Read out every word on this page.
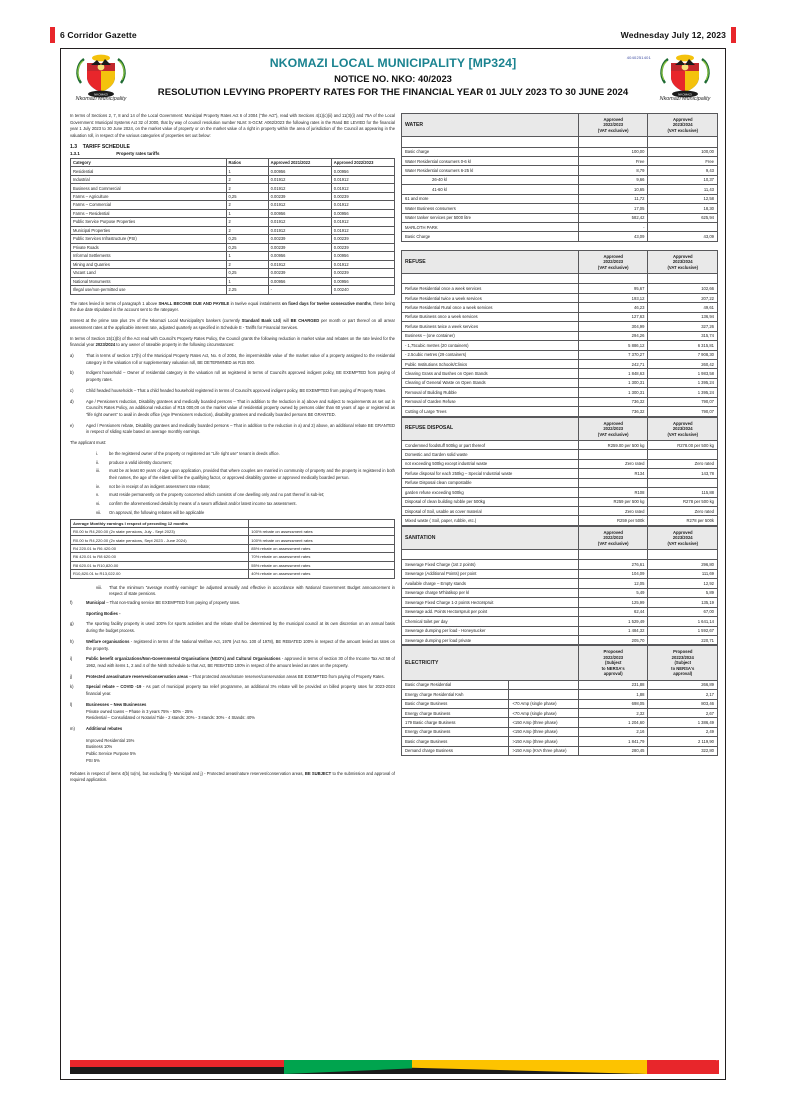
6 Corridor Gazette	Wednesday July 12, 2023
NKOMAZI
Nkomazi Municipality
4040251401
NKOMAZI LOCAL MUNICIPALITY [MP324]
NOTICE NO. NKO: 40/2023
RESOLUTION LEVYING PROPERTY RATES FOR THE FINANCIAL YEAR 01 JULY 2023 TO 30 JUNE 2024	NKOMAZI
Nkomazi Municipality

In terms of Sections 2, 7, 8 and 14 of the Local Government: Municipal Property Rates Act 6 of 2004 ("the Act"), read with Sections 4(1)(c)(ii) and 11(3)(i) and 75A of the Local Government: Municipal Systems Act 32 of 2000, that by way of council resolution number NLM: S-GCM: A062/2023 the following rates in the Rand BE LEVIED for the financial year 1 July 2023 to 30 June 2024, on the market value of property or on the market value of a right in property within the area of jurisdiction of the Council as appearing in the valuation roll, in respect of the various categories of properties set out below:

1.3 TARIFF SCHEDULE
1.3.1	Property rates tariffs
Category	Ratios	Approved 2021/2022	Approved 2022/2023
Residential	1	0.00956	0.00956
Industrial	2	0.01912	0.01912
Business and Commercial	2	0.01912	0.01912
Farms – Agriculture	0,25	0.00239	0.00239
Farms – Commercial	2	0.01912	0.01912
Farms – Residential	1	0.00956	0.00956
Public Service Purpose Properties	2	0.01912	0.01912
Municipal Properties	2	0.01912	0.01912
Public Services Infrastructure (PSI)	0,25	0.00239	0.00239
Private Roads	0,25	0.00239	0.00239
Informal Settlements	1	0.00956	0.00956
Mining and Quarries	2	0.01912	0.01912
Vacant Land	0,25	0.00239	0.00239
National Monuments	1	0.00956	0.00956
Illegal use/non-permitted use	2.25	-	0.00240

The rates levied in terms of paragraph 1 above SHALL BECOME DUE AND PAYBLE in twelve equal instalments on fixed days for twelve consecutive months, these being the due date stipulated in the account sent to the ratepayer.

Interest at the prime rate plus 1% of the Nkomazi Local Municipality's bankers (currently Standard Bank Ltd) will BE CHARGED per month or part thereof on all arrear assessment rates at the applicable interest rate, adjusted quarterly as specified in Schedule E - Tariffs for Financial Services.

In terms of Section 15(1)(b) of the Act read with Council's Property Rates Policy, the Council grants the following reduction in market value and rebates on the rate levied for the financial year 2023/2024 to any owner of rateable property in the following circumstances:

a)	That in terms of section 17(h) of the Municipal Property Rates Act, No. 6 of 2004, the impermissible value of the market value of a property assigned to the residential category in the valuation roll or supplementary valuation roll, BE DETERMINED as R15 000.
b)	Indigent household – Owner of residential category in the valuation roll as registered in terms of Council's approved indigent policy, BE EXEMPTED from paying of property rates.
c)	Child headed households – That a child headed household registered in terms of Council's approved indigent policy, BE EXEMPTED from paying of Property Rates.
d)	Age / Pensioners reduction, Disability grantees and medically boarded persons – That in addition to the reduction in a) above and subject to requirements as set out in Council's Rates Policy, an additional reduction of R15 000,00 on the market value of residential property owned by persons older than 60 years of age or registered as "life right owners" to avail in deeds office (Age /Pensioners reduction), disability grantees and medically boarded persons BE GRANTED.
e)	Aged / Pensioners rebate, Disability grantees and medically boarded persons – That in addition to the reduction in a) and 2) above, an additional rebate BE GRANTED in respect of sliding scale based on average monthly earnings.

The applicant must:

i.	be the registered owner of the property or registered as "Life right use" tenant in deeds office.
ii.	produce a valid identity document;
iii.	must be at least 60 years of age upon application, provided that where couples are married in community of property and the property is registered in both their names, the age of the eldest will be the qualifying factor, or approved disability grantee or approved medically boarded person.
iv.	not be in receipt of an indigent assessment rate rebate;
v.	must reside permanently on the property concerned which consists of one dwelling only and no part thereof is sub-let;
vi.	confirm the aforementioned details by means of a sworn affidavit and/or latest income tax assessment.
vii.	On approval, the following rebates will be applicable
Average Monthly earnings I respect of preceding 12 months	
R0.00 to R4,200.00 (2x state pensions, July - Sept 2023)	100% rebate on assessment rates
R0.00 to R4,220.00 (2x state pensions, Sept 2023 - June 2024)	100% rebate on assessment rates
R4 220.01 to R6 420.00	85% rebate on assessment rates
R6 420.01 to R8 620.00	70% rebate on assessment rates
R8 620.01 to R10,820.00	55% rebate on assessment rates
R10,820.01 to R13,022.00	40% rebate on assessment rates
viii.	That the minimum "average monthly earnings" be adjusted annually and effective in accordance with National Government Budget announcement in respect of state pensions.
f)	Municipal – That non-trading service BE EXEMPTED from paying of property rates.
Sporting Bodies -
g)	The sporting facility property is used 100% for sports activities and the rebate shall be determined by the municipal council at its own discretion on an annual basis during the budget process.
h)	Welfare organisations - registered in terms of the National Welfare Act, 1978 (Act No. 100 of 1978), BE REBATED 100% in respect of the amount levied as rates on the property.
i)	Public benefit organizations/Non-Governmental Organisations (NGO's) and Cultural Organisations - approved in terms of section 30 of the Income Tax Act 58 of 1962, read with items 1, 2 and 4 of the Ninth Schedule to that Act, BE REBATED 100% in respect of the amount levied as rates on the property.
j)	Protected areas/nature reserves/conservation areas – That protected areas/nature reserves/conservation areas BE EXEMPTED from paying of Property Rates.
k)	Special rebate – COVID -19 - As part of municipal property tax relief programme, an additional 3% rebate will be provided on billed property rates for 2023-2024 financial year.
l)	Businesses – New Businesses
Private owned towns – Phase in 3 years 75% - 50% - 25%
Residential – Consolidated or Notarial Tide - 2 stands: 20% - 3 stands: 30% - 4 Stands: 40%
m)	Additional rebates
Improved Residential 15%
Business 10%
Public Service Purpose 5%
PSI 5%

Rebates in respect of items 4(b) to(m), but excluding f)- Municipal and j) - Protected areas/nature reserves/conservation areas, BE SUBJECT to the submission and approval of required application.

WATER	Approved
2022/2023
(VAT exclusive)	Approved
2023/2024
(VAT exclusive)

Basic charge	100,00	100,00
Water Residential consumers 0-6 kl	Free	Free
Water Residential consumers 6-25 kl	8,79	9,43
26-40 kl	9,66	10,37
41-60 kl	10,65	11,43
61 and more	11,72	12,58
Water Business consumers	17,05	18,30
Water tanker services per 5000 litre	582,42	625,94
MARLOTH PARK	-	
Basic Charge	43,09	43,09
REFUSE	Approved
2022/2023
(VAT exclusive)	Approved
2023/2024
(VAT exclusive)

Refuse Residential once a week services	95,67	102,66
Refuse Residential twice a week services	193,12	207,22
Refuse Residential Rural once a week services	46,23	49,61
Refuse Business once a week services	127,63	136,94
Refuse Business twice a week services	304,99	327,26
Business – (one container)	294,26	315,74
- 1,75cubic metres (20 containers)	5 886,12	6 315,81
- 2.5cubic metres (29 containers)	7 370,27	7 908,30
Public Institutions Schools/Clinics	242,71	260,42
Clearing Grass and Bushes on Open Stands	1 848,63	1 983,58
Clearing of General Waste on Open Stands	1 300,31	1 395,24
Removal of Building Rubble	1 300,31	1 395,24
Removal of Garden Refuse	736,32	790,07
Cutting of Large Trees	736,32	790,07
REFUSE DISPOSAL	Approved
2022/2023
(VAT exclusive)	Approved
2023/2024
(VAT exclusive)
Condemned foodstuff 500kg or part thereof	R259.00 per 500 kg	R278.00 per 500 kg
Domestic and Garden solid waste		
not exceeding 500kg except industrial waste	Zero rated	Zero rated
Refuse disposal for each 250kg – Special Industrial waste	R134	143,78
Refuse Disposal clean compostable		
garden refuse exceeding 500kg	R108	115,88
Disposal of clean building rubble per 500kg	R259 per 500 kg	R278 per 500 kg
Disposal of Soil, usable as cover material	Zero rated	Zero rated
Mixed waste ( Soil, paper, rubble, etc.)	R259 per 500k	R278 per 500k
SANITATION	Approved
2022/2023
(VAT exclusive)	Approved
2023/2024
(VAT exclusive)

Sewerage Fixed Charge (1st 2 points)	276,61	296,80
Sewerage (Additional Points) per point	104,09	111,69
Available charge – Empty stands	12,05	12,92
Sewerage charge M'hlatikop per kl	5,49	5,89
Sewerage Fixed Charge 1-2 points Hectorspruit	125,99	135,19
Sewerage add. Points Hectorspruit per point	62,44	67,00
Chemical toilet per day	1 529,49	1 641,14
Sewerage dumping per load - Honeysucker	1 484,32	1 592,67
Sewerage dumping per load private	205,70	220,71
ELECTRICITY		Proposed
2022/2023
(Subject
to NERSA's
approval)	Proposed
20223/2024
(Subject
to NERSA's
approval)
Basic charge Residential		231,88	266,89
Energy charge Residential Kwh		1,88	2,17
Basic charge Business	<70 Amp (single phase)	698,05	803,46
Energy charge Business	<70 Amp (single phase)	2,32	2,67
179 Basic charge Business	<150 Amp (three phase)	1 204,60	1 386,49
Energy charge Business	<150 Amp (three phase)	2,16	2,49
Basic charge Business	>150 Amp (three phase)	1 841,79	2 119,90
Demand charge Business	>150 Amp (KVA three phase)	280,45	322,80
